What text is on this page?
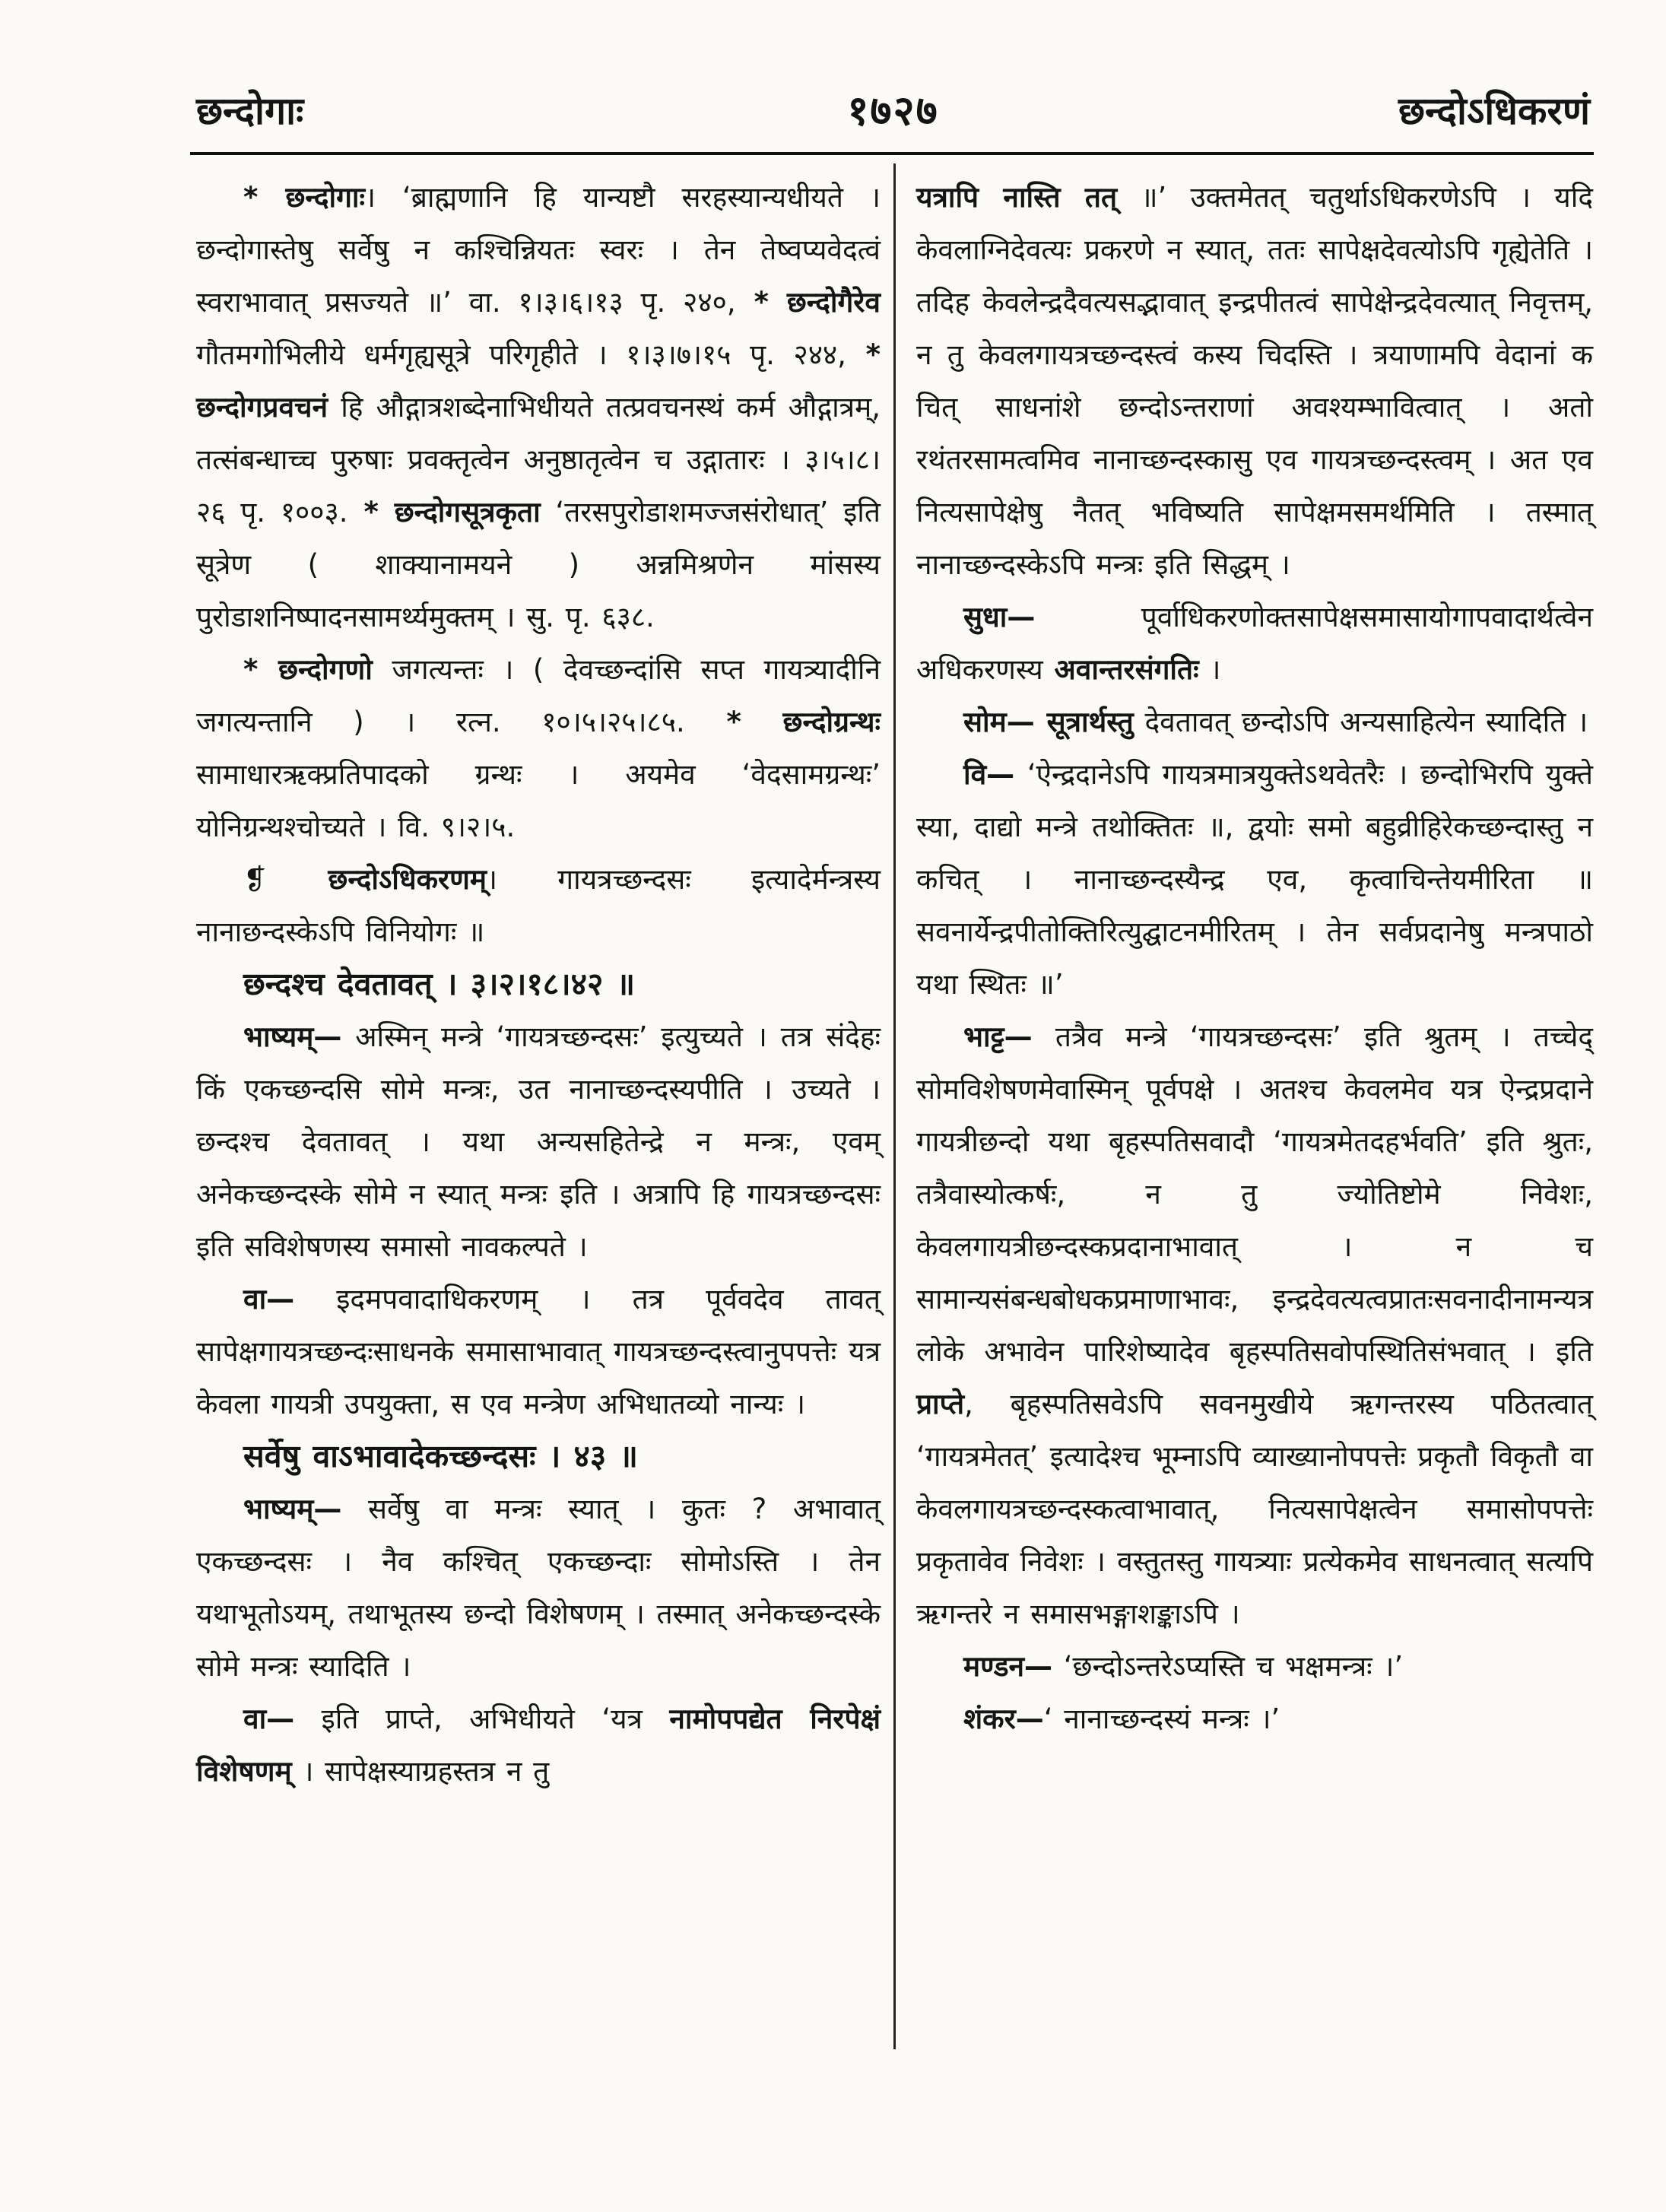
छन्दोगाः	१७२७	छन्दोऽधिकरणं

* छन्दोगाः। ‘ब्राह्मणानि हि यान्यष्टौ सरहस्यान्यधीयते । छन्दोगास्तेषु सर्वेषु न कश्चिन्नियतः स्वरः । तेन तेष्वप्यवेदत्वं स्वराभावात् प्रसज्यते ॥’ वा. १।३।६।१३ पृ. २४०, * छन्दोगैरेव गौतमगोभिलीये धर्मगृह्यसूत्रे परिगृहीते । १।३।७।१५ पृ. २४४, * छन्दोगप्रवचनं हि औद्गात्रशब्देनाभिधीयते तत्प्रवचनस्थं कर्म औद्गात्रम्, तत्संबन्धाच्च पुरुषाः प्रवक्तृत्वेन अनुष्ठातृत्वेन च उद्गातारः । ३।५।८।२६ पृ. १००३. * छन्दोगसूत्रकृता ‘तरसपुरोडाशमज्जसंरोधात्’ इति सूत्रेण ( शाक्यानामयने ) अन्नमिश्रणेन मांसस्य पुरोडाशनिष्पादनसामर्थ्यमुक्तम् । सु. पृ. ६३८.

* छन्दोगणो जगत्यन्तः । ( देवच्छन्दांसि सप्त गायत्र्यादीनि जगत्यन्तानि ) । रत्न. १०।५।२५।८५. * छन्दोग्रन्थः सामाधारऋक्प्रतिपादको ग्रन्थः । अयमेव ‘वेदसामग्रन्थः’ योनिग्रन्थश्चोच्यते । वि. ९।२।५.

❡ छन्दोऽधिकरणम्। गायत्रच्छन्दसः इत्यादेर्मन्त्रस्य नानाछन्दस्केऽपि विनियोगः ॥

छन्दश्च देवतावत् । ३।२।१८।४२ ॥

भाष्यम्— अस्मिन् मन्त्रे ‘गायत्रच्छन्दसः’ इत्युच्यते । तत्र संदेहः किं एकच्छन्दसि सोमे मन्त्रः, उत नानाच्छन्दस्यपीति । उच्यते । छन्दश्च देवतावत् । यथा अन्यसहितेन्द्रे न मन्त्रः, एवम् अनेकच्छन्दस्के सोमे न स्यात् मन्त्रः इति । अत्रापि हि गायत्रच्छन्दसः इति सविशेषणस्य समासो नावकल्पते ।

वा— इदमपवादाधिकरणम् । तत्र पूर्ववदेव तावत् सापेक्षगायत्रच्छन्दःसाधनके समासाभावात् गायत्रच्छन्दस्त्वानुपपत्तेः यत्र केवला गायत्री उपयुक्ता, स एव मन्त्रेण अभिधातव्यो नान्यः ।

सर्वेषु वाऽभावादेकच्छन्दसः । ४३ ॥

भाष्यम्— सर्वेषु वा मन्त्रः स्यात् । कुतः ? अभावात् एकच्छन्दसः । नैव कश्चित् एकच्छन्दाः सोमोऽस्ति । तेन यथाभूतोऽयम्, तथाभूतस्य छन्दो विशेषणम् । तस्मात् अनेकच्छन्दस्के सोमे मन्त्रः स्यादिति ।

वा— इति प्राप्ते, अभिधीयते ‘यत्र नामोपपद्येत निरपेक्षं विशेषणम् । सापेक्षस्याग्रहस्तत्र न तु

यत्रापि नास्ति तत् ॥’ उक्तमेतत् चतुर्थाऽधिकरणेऽपि । यदि केवलाग्निदेवत्यः प्रकरणे न स्यात्, ततः सापेक्षदेवत्योऽपि गृह्येतेति । तदिह केवलेन्द्रदैवत्यसद्भावात् इन्द्रपीतत्वं सापेक्षेन्द्रदेवत्यात् निवृत्तम्, न तु केवलगायत्रच्छन्दस्त्वं कस्य चिदस्ति । त्रयाणामपि वेदानां क चित् साधनांशे छन्दोऽन्तराणां अवश्यम्भावित्वात् । अतो रथंतरसामत्वमिव नानाच्छन्दस्कासु एव गायत्रच्छन्दस्त्वम् । अत एव नित्यसापेक्षेषु नैतत् भविष्यति सापेक्षमसमर्थमिति । तस्मात् नानाच्छन्दस्केऽपि मन्त्रः इति सिद्धम् ।

सुधा— पूर्वाधिकरणोक्तसापेक्षसमासायोगापवादार्थत्वेन अधिकरणस्य अवान्तरसंगतिः ।

सोम— सूत्रार्थस्तु देवतावत् छन्दोऽपि अन्यसाहित्येन स्यादिति ।

वि— ‘ऐन्द्रदानेऽपि गायत्रमात्रयुक्तेऽथवेतरैः । छन्दोभिरपि युक्ते स्या, दाद्यो मन्त्रे तथोक्तितः ॥, द्वयोः समो बहुव्रीहिरेकच्छन्दास्तु न कचित् । नानाच्छन्दस्यैन्द्र एव, कृत्वाचिन्तेयमीरिता ॥ सवनार्येन्द्रपीतोक्तिरित्युद्घाटनमीरितम् । तेन सर्वप्रदानेषु मन्त्रपाठो यथा स्थितः ॥’

भाट्ट— तत्रैव मन्त्रे ‘गायत्रच्छन्दसः’ इति श्रुतम् । तच्चेद् सोमविशेषणमेवास्मिन् पूर्वपक्षे । अतश्च केवलमेव यत्र ऐन्द्रप्रदाने गायत्रीछन्दो यथा बृहस्पतिसवादौ ‘गायत्रमेतदहर्भवति’ इति श्रुतः, तत्रैवास्योत्कर्षः, न तु ज्योतिष्टोमे निवेशः, केवलगायत्रीछन्दस्कप्रदानाभावात् । न च सामान्यसंबन्धबोधकप्रमाणाभावः, इन्द्रदेवत्यत्वप्रातःसवनादीनामन्यत्र लोके अभावेन पारिशेष्यादेव बृहस्पतिसवोपस्थितिसंभवात् । इति प्राप्ते, बृहस्पतिसवेऽपि सवनमुखीये ऋगन्तरस्य पठितत्वात् ‘गायत्रमेतत्’ इत्यादेश्च भूम्नाऽपि व्याख्यानोपपत्तेः प्रकृतौ विकृतौ वा केवलगायत्रच्छन्दस्कत्वाभावात्, नित्यसापेक्षत्वेन समासोपपत्तेः प्रकृतावेव निवेशः । वस्तुतस्तु गायत्र्याः प्रत्येकमेव साधनत्वात् सत्यपि ऋगन्तरे न समासभङ्गाशङ्काऽपि ।

मण्डन— ‘छन्दोऽन्तरेऽप्यस्ति च भक्षमन्त्रः ।’

शंकर—‘ नानाच्छन्दस्यं मन्त्रः ।’
